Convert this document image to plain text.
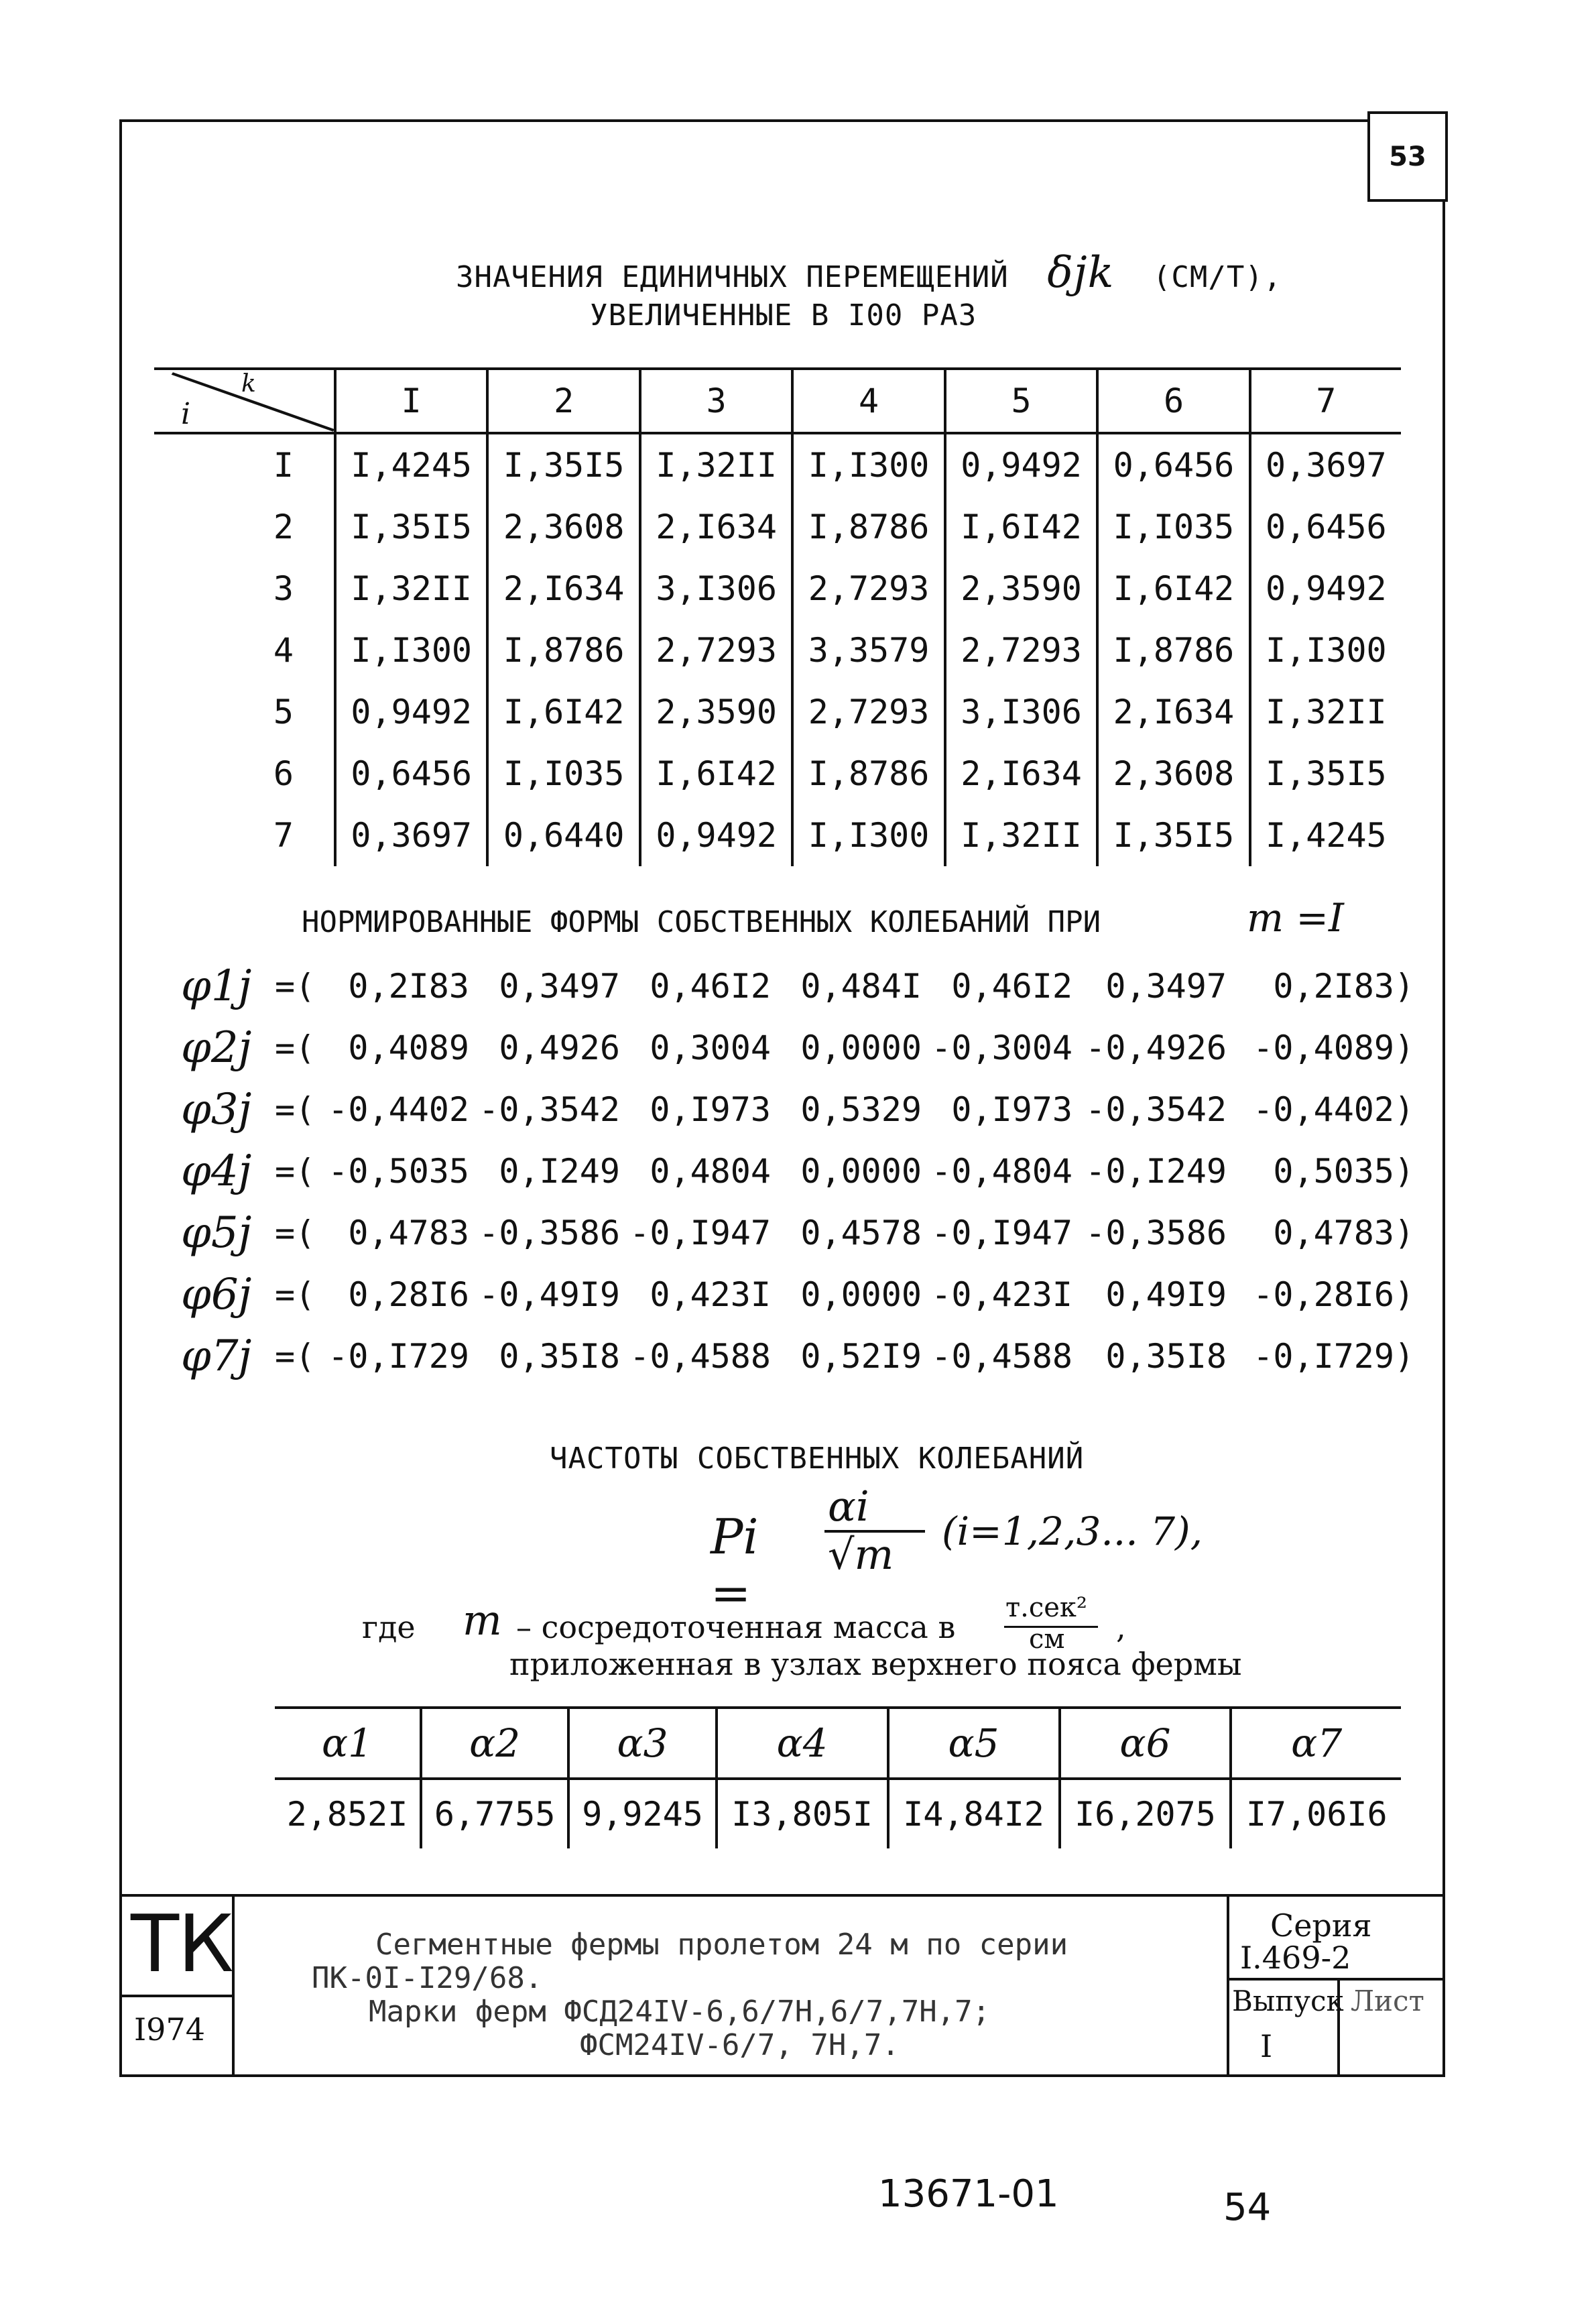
53
ЗНАЧЕНИЯ ЕДИНИЧНЫХ ПЕРЕМЕЩЕНИЙ δjk (СМ/Т),
УВЕЛИЧЕННЫЕ В I00 РАЗ
k
i	I	2	3	4	5	6	7
I	I,4245	I,35I5	I,32II	I,I300	0,9492	0,6456	0,3697
2	I,35I5	2,3608	2,I634	I,8786	I,6I42	I,I035	0,6456
3	I,32II	2,I634	3,I306	2,7293	2,3590	I,6I42	0,9492
4	I,I300	I,8786	2,7293	3,3579	2,7293	I,8786	I,I300
5	0,9492	I,6I42	2,3590	2,7293	3,I306	2,I634	I,32II
6	0,6456	I,I035	I,6I42	I,8786	2,I634	2,3608	I,35I5
7	0,3697	0,6440	0,9492	I,I300	I,32II	I,35I5	I,4245
НОРМИРОВАННЫЕ ФОРМЫ СОБСТВЕННЫХ КОЛЕБАНИЙ ПРИ	m =I
φ1j =( 0,2I83 0,3497 0,46I2 0,484I 0,46I2 0,3497	0,2I83 )
φ2j =( 0,4089 0,4926 0,3004 0,0000 -0,3004 -0,4926 -0,4089 )
φ3j =( -0,4402 -0,3542 0,I973 0,5329 0,I973 -0,3542 -0,4402 )
φ4j =( -0,5035 0,I249 0,4804 0,0000 -0,4804 -0,I249	0,5035 )
φ5j =( 0,4783 -0,3586 -0,I947 0,4578 -0,I947 -0,3586	0,4783 )
φ6j =( 0,28I6 -0,49I9 0,423I 0,0000 -0,423I 0,49I9 -0,28I6 )
φ7j =( -0,I729 0,35I8 -0,4588 0,52I9 -0,4588 0,35I8 -0,I729 )
ЧАСТОТЫ СОБСТВЕННЫХ КОЛЕБАНИЙ
Pi =
αi
√m (i=1,2,3... 7),
где m – сосредоточенная масса в
т.сек²
см ,
приложенная в узлах верхнего пояса фермы
α1	α2	α3	α4	α5	α6	α7
2,852I	6,7755	9,9245	I3,805I	I4,84I2	I6,2075	I7,06I6
ТК
I974
Сегментные фермы пролетом 24 м по серии
ПК-0I-I29/68.
Марки ферм ФСД24IV-6,6/7Н,6/7,7Н,7;
ФСМ24IV-6/7, 7Н,7.
Серия
I.469-2
Выпуск
I
Лист
13671-01	54
